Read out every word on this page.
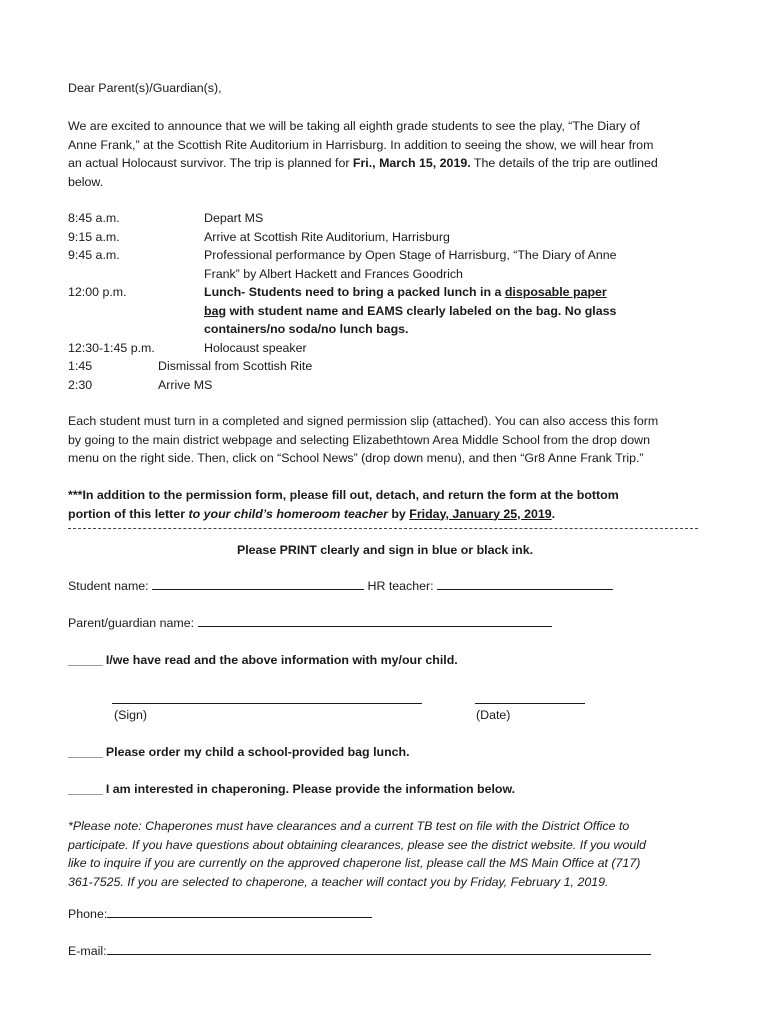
Dear Parent(s)/Guardian(s),
We are excited to announce that we will be taking all eighth grade students to see the play, “The Diary of
Anne Frank,” at the Scottish Rite Auditorium in Harrisburg. In addition to seeing the show, we will hear from
an actual Holocaust survivor. The trip is planned for Fri., March 15, 2019. The details of the trip are outlined
below.
8:45 a.m.	Depart MS
9:15 a.m.	Arrive at Scottish Rite Auditorium, Harrisburg
9:45 a.m.	Professional performance by Open Stage of Harrisburg, “The Diary of Anne
Frank” by Albert Hackett and Frances Goodrich
12:00 p.m.	Lunch- Students need to bring a packed lunch in a disposable paper
bag with student name and EAMS clearly labeled on the bag. No glass
containers/no soda/no lunch bags.
12:30-1:45 p.m.	Holocaust speaker
1:45	Dismissal from Scottish Rite
2:30	Arrive MS
Each student must turn in a completed and signed permission slip (attached). You can also access this form
by going to the main district webpage and selecting Elizabethtown Area Middle School from the drop down
menu on the right side. Then, click on “School News” (drop down menu), and then “Gr8 Anne Frank Trip.”
***In addition to the permission form, please fill out, detach, and return the form at the bottom
portion of this letter to your child’s homeroom teacher by Friday, January 25, 2019.
Please PRINT clearly and sign in blue or black ink.
Student name:	HR teacher:
Parent/guardian name:
_____ I/we have read and the above information with my/our child.
(Sign)	(Date)
_____ Please order my child a school-provided bag lunch.
_____ I am interested in chaperoning. Please provide the information below.
*Please note: Chaperones must have clearances and a current TB test on file with the District Office to
participate. If you have questions about obtaining clearances, please see the district website. If you would
like to inquire if you are currently on the approved chaperone list, please call the MS Main Office at (717)
361-7525. If you are selected to chaperone, a teacher will contact you by Friday, February 1, 2019.
Phone:
E-mail:
